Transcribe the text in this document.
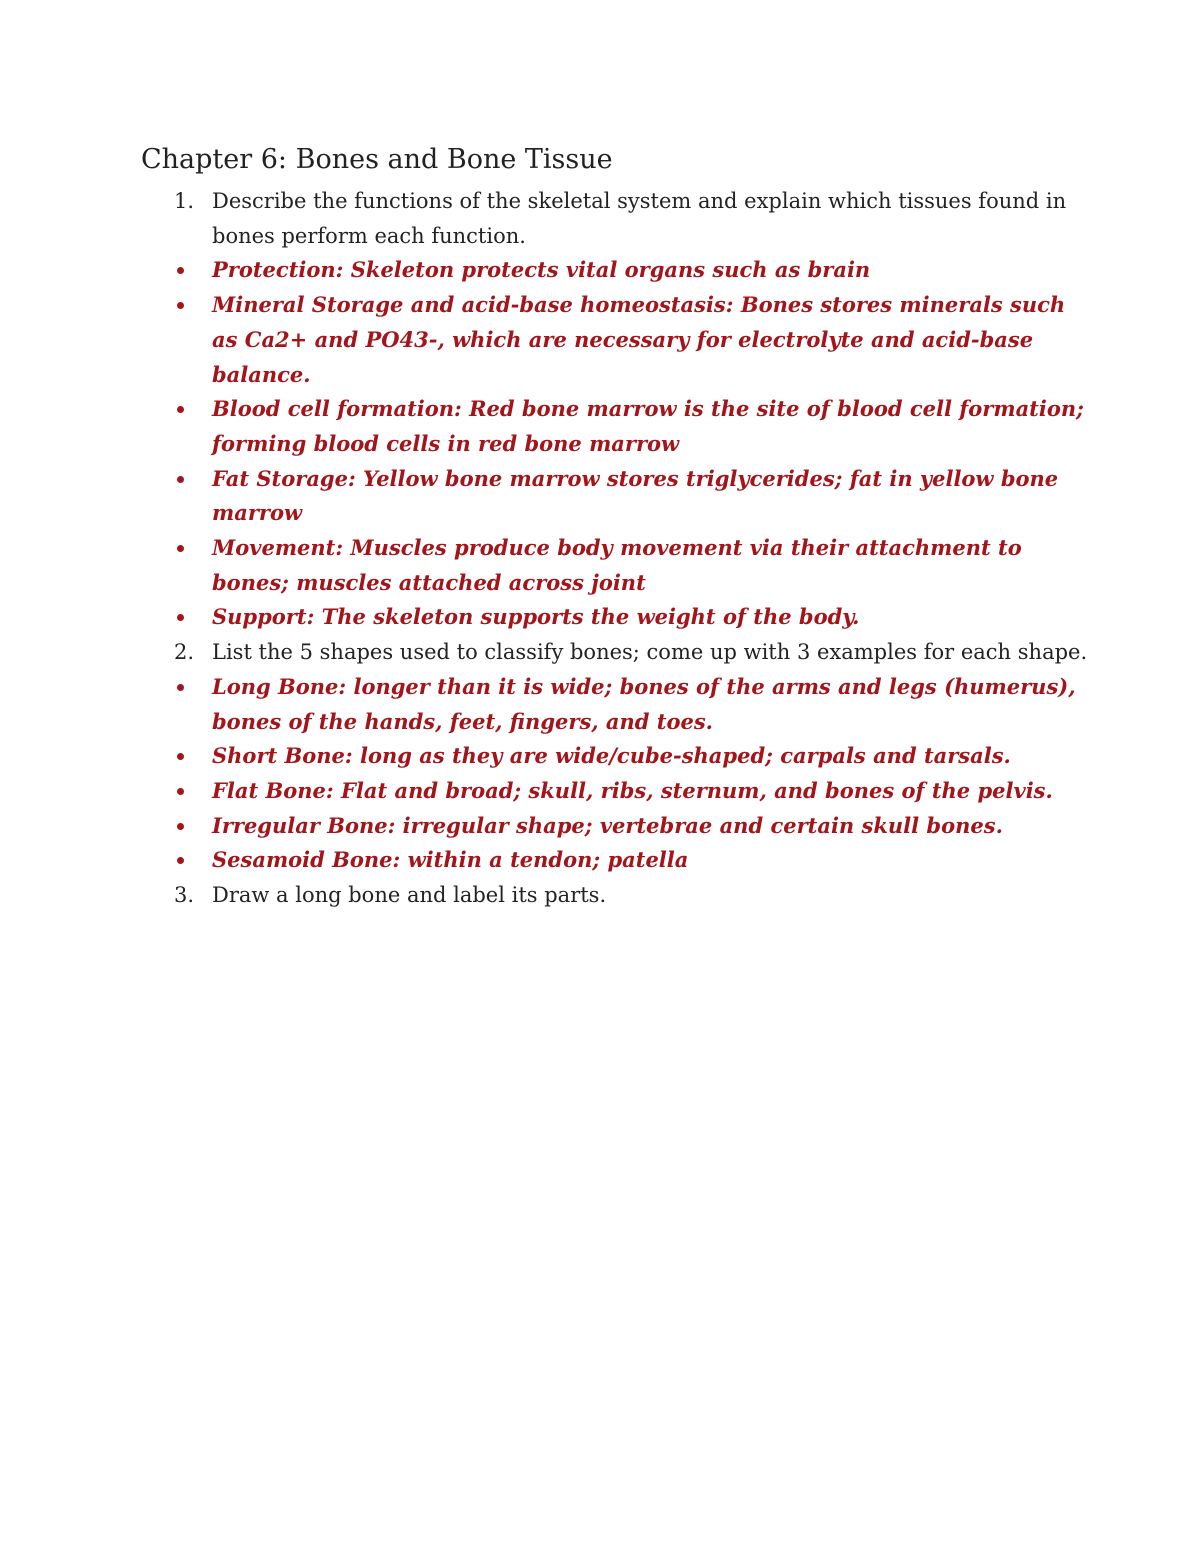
Chapter 6: Bones and Bone Tissue
1. Describe the functions of the skeletal system and explain which tissues found in bones perform each function.
Protection: Skeleton protects vital organs such as brain
Mineral Storage and acid-base homeostasis: Bones stores minerals such as Ca2+ and PO43-, which are necessary for electrolyte and acid-base balance.
Blood cell formation: Red bone marrow is the site of blood cell formation; forming blood cells in red bone marrow
Fat Storage: Yellow bone marrow stores triglycerides; fat in yellow bone marrow
Movement: Muscles produce body movement via their attachment to bones; muscles attached across joint
Support: The skeleton supports the weight of the body.
2. List the 5 shapes used to classify bones; come up with 3 examples for each shape.
Long Bone: longer than it is wide; bones of the arms and legs (humerus), bones of the hands, feet, fingers, and toes.
Short Bone: long as they are wide/cube-shaped; carpals and tarsals.
Flat Bone: Flat and broad; skull, ribs, sternum, and bones of the pelvis.
Irregular Bone: irregular shape; vertebrae and certain skull bones.
Sesamoid Bone: within a tendon; patella
3. Draw a long bone and label its parts.
